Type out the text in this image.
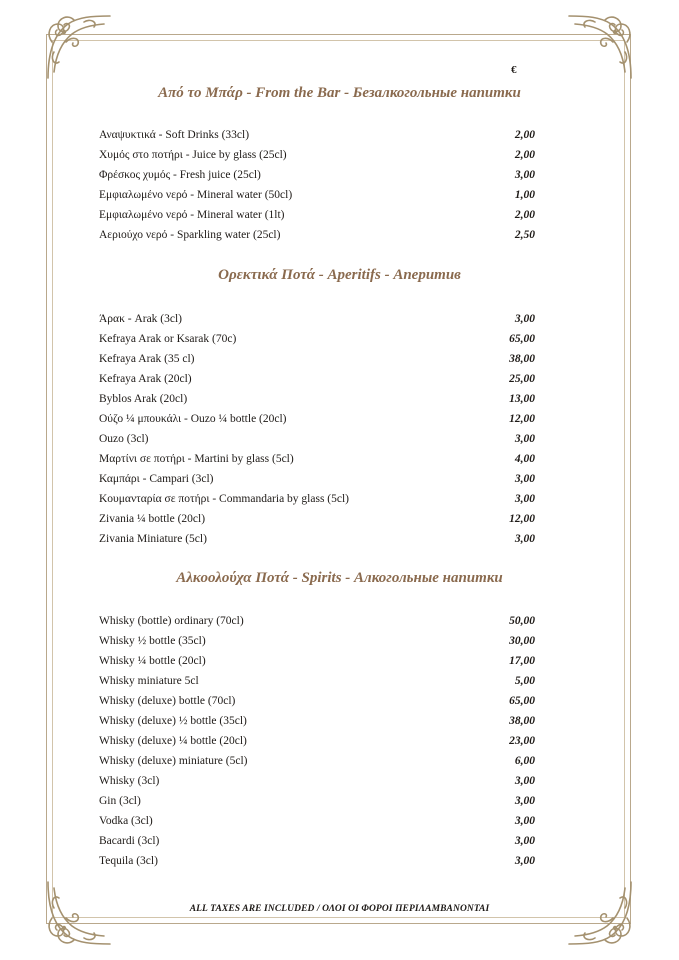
€
Από το Μπάρ - From the Bar - Безалкогольные напитки
Αναψυκτικά - Soft Drinks (33cl)	2,00
Χυμός στο ποτήρι - Juice by glass (25cl)	2,00
Φρέσκος χυμός - Fresh juice (25cl)	3,00
Εμφιαλωμένο νερό - Mineral water (50cl)	1,00
Εμφιαλωμένο νερό - Mineral water (1lt)	2,00
Αεριούχο νερό - Sparkling water (25cl)	2,50
Ορεκτικά Ποτά - Aperitifs - Аперитив
Άρακ - Arak (3cl)	3,00
Kefraya Arak or Ksarak (70c)	65,00
Kefraya Arak (35 cl)	38,00
Kefraya Arak (20cl)	25,00
Byblos Arak (20cl)	13,00
Ούζο ¼ μπουκάλι - Ouzo ¼ bottle (20cl)	12,00
Ouzo (3cl)	3,00
Μαρτίνι σε ποτήρι - Martini by glass (5cl)	4,00
Καμπάρι - Campari (3cl)	3,00
Κουμανταρία σε ποτήρι - Commandaria by glass (5cl)	3,00
Zivania ¼ bottle (20cl)	12,00
Zivania Miniature (5cl)	3,00
Αλκοολούχα Ποτά - Spirits - Алкогольные напитки
Whisky (bottle) ordinary (70cl)	50,00
Whisky ½ bottle (35cl)	30,00
Whisky ¼ bottle (20cl)	17,00
Whisky miniature 5cl	5,00
Whisky (deluxe) bottle (70cl)	65,00
Whisky (deluxe) ½ bottle (35cl)	38,00
Whisky (deluxe) ¼ bottle (20cl)	23,00
Whisky (deluxe) miniature (5cl)	6,00
Whisky (3cl)	3,00
Gin (3cl)	3,00
Vodka (3cl)	3,00
Bacardi (3cl)	3,00
Tequila (3cl)	3,00
ALL TAXES ARE INCLUDED / ΟΛΟΙ ΟΙ ΦΟΡΟΙ ΠΕΡΙΛΑΜΒΑΝΟΝΤΑΙ
